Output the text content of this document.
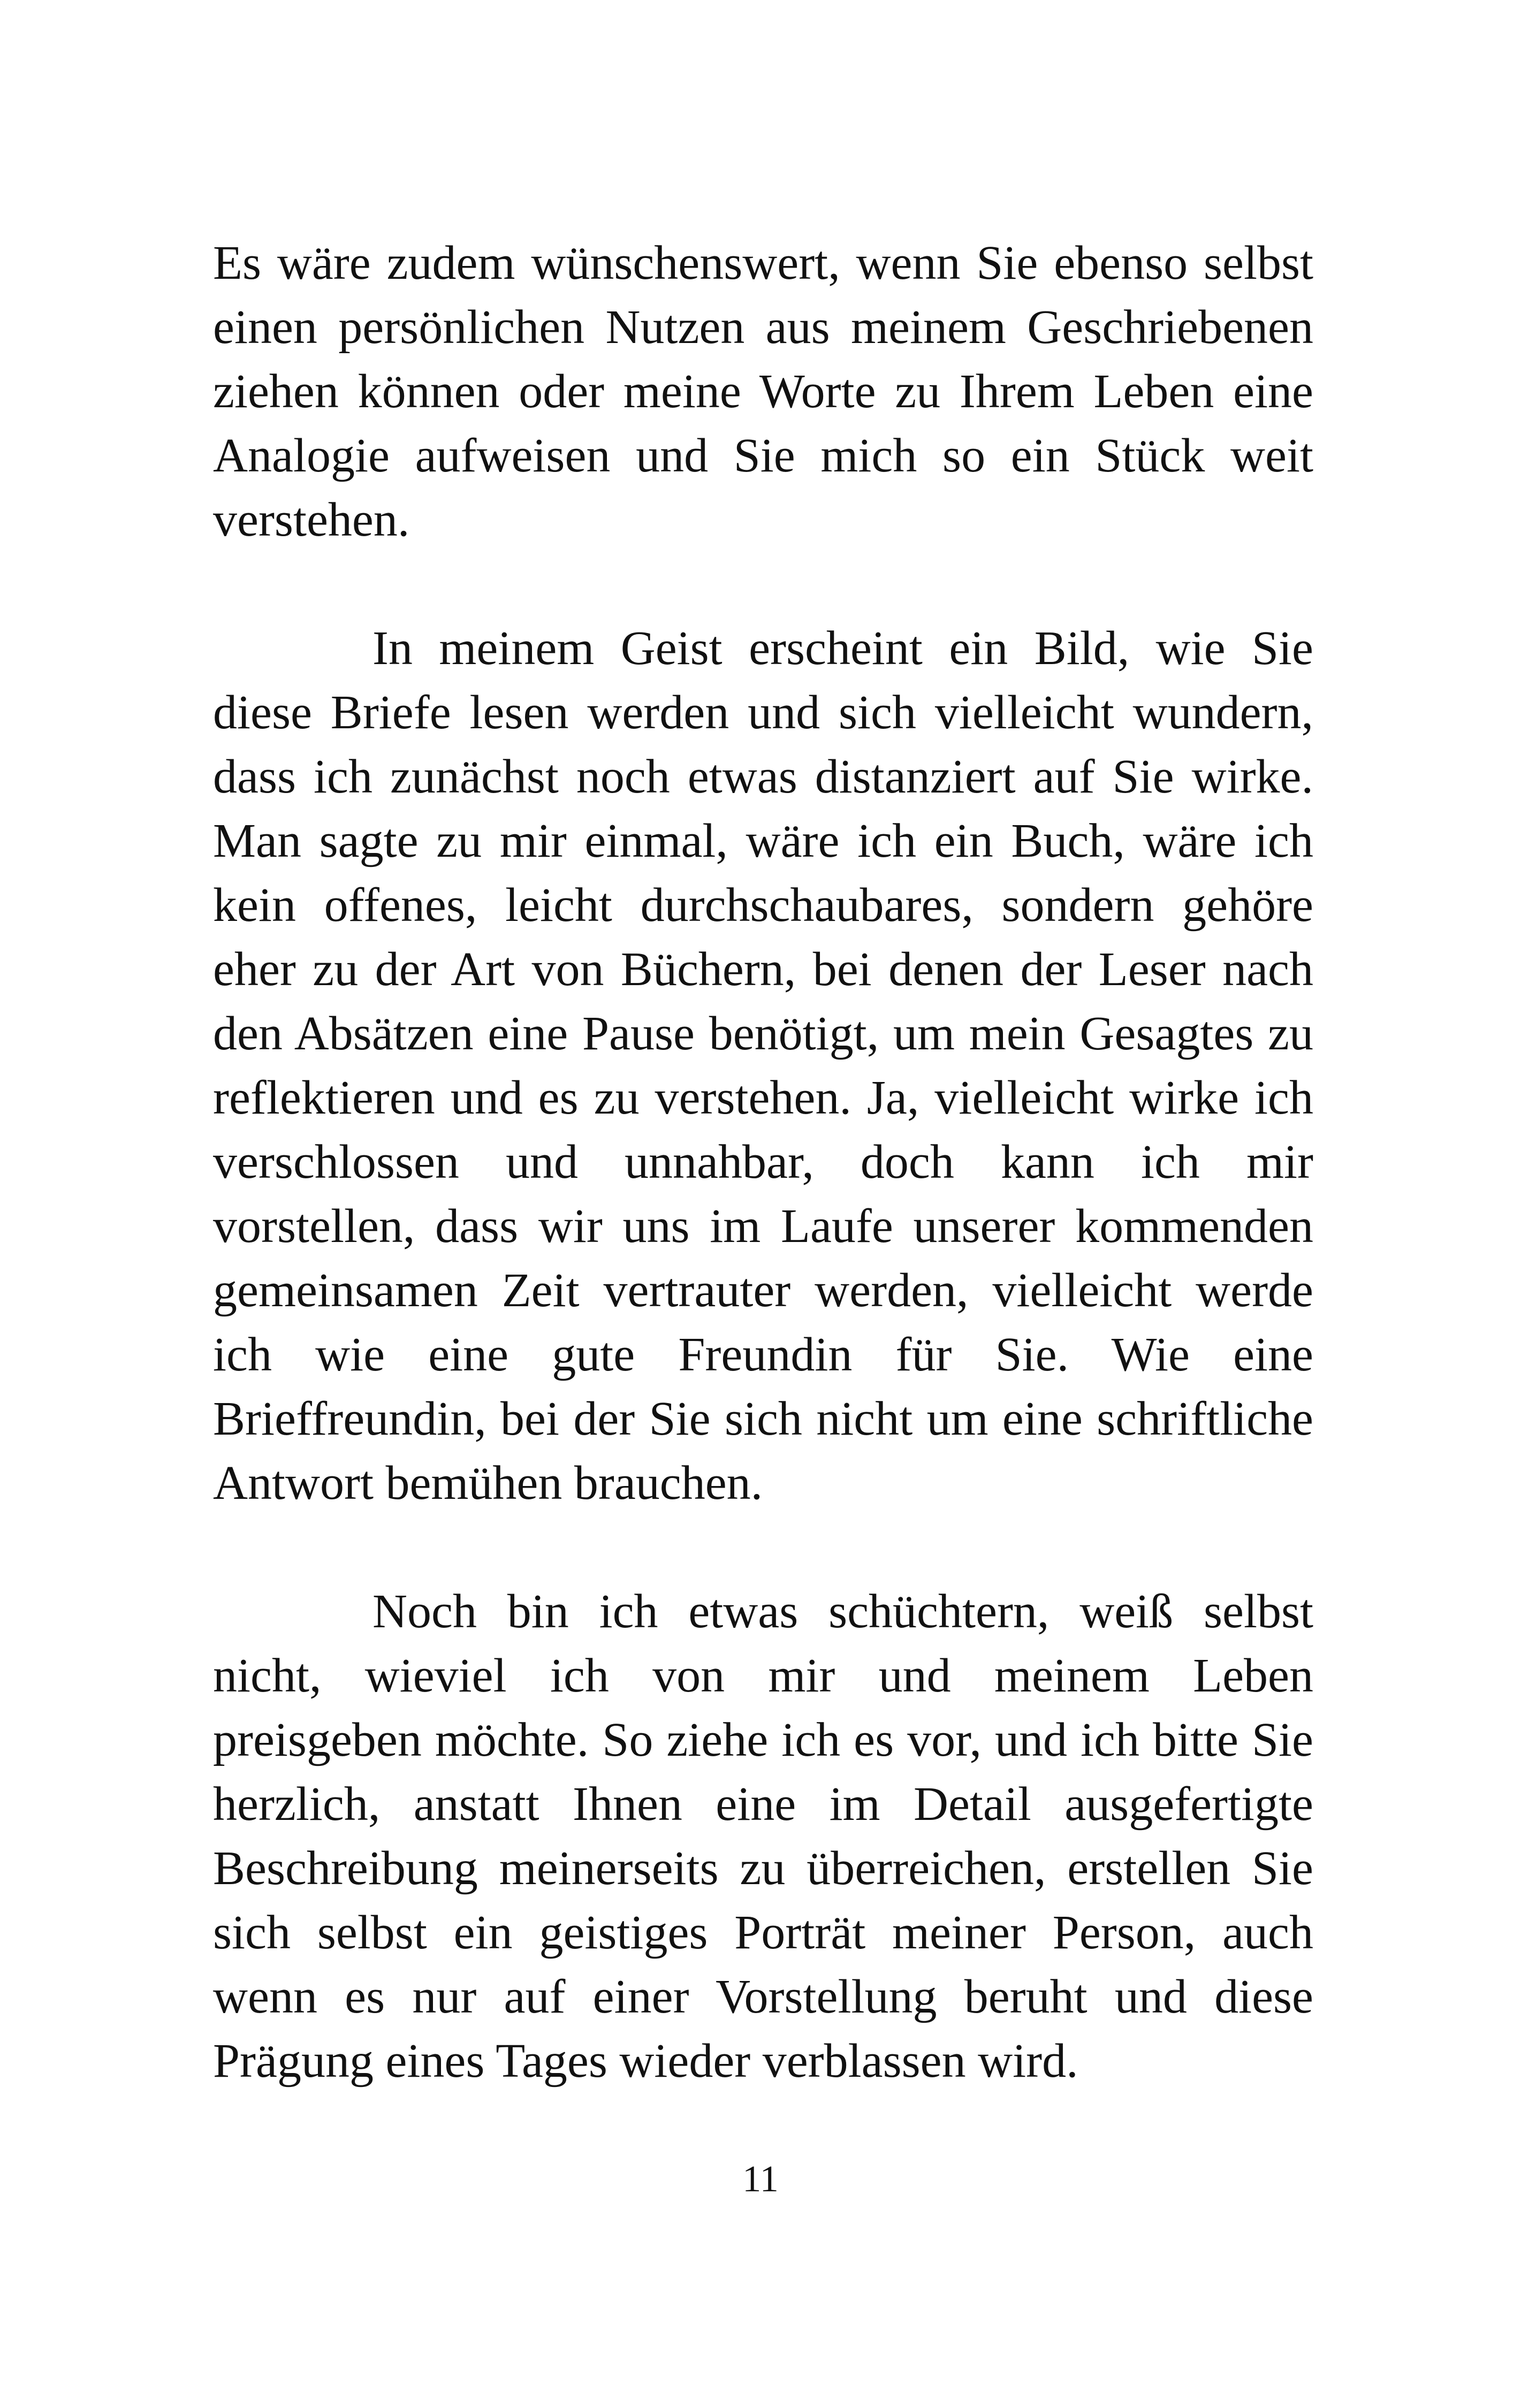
Es wäre zudem wünschenswert, wenn Sie ebenso selbst einen persönlichen Nutzen aus meinem Geschriebenen ziehen können oder meine Worte zu Ihrem Leben eine Analogie aufweisen und Sie mich so ein Stück weit verstehen.

In meinem Geist erscheint ein Bild, wie Sie diese Briefe lesen werden und sich vielleicht wundern, dass ich zunächst noch etwas distanziert auf Sie wirke. Man sagte zu mir einmal, wäre ich ein Buch, wäre ich kein offenes, leicht durchschaubares, sondern gehöre eher zu der Art von Büchern, bei denen der Leser nach den Absätzen eine Pause benötigt, um mein Gesagtes zu reflektieren und es zu verstehen. Ja, vielleicht wirke ich verschlossen und unnahbar, doch kann ich mir vorstellen, dass wir uns im Laufe unserer kommenden gemeinsamen Zeit vertrauter werden, vielleicht werde ich wie eine gute Freundin für Sie. Wie eine Brieffreundin, bei der Sie sich nicht um eine schriftliche Antwort bemühen brauchen.

Noch bin ich etwas schüchtern, weiß selbst nicht, wieviel ich von mir und meinem Leben preisgeben möchte. So ziehe ich es vor, und ich bitte Sie herzlich, anstatt Ihnen eine im Detail ausgefertigte Beschreibung meinerseits zu überreichen, erstellen Sie sich selbst ein geistiges Porträt meiner Person, auch wenn es nur auf einer Vorstellung beruht und diese Prägung eines Tages wieder verblassen wird.

11
